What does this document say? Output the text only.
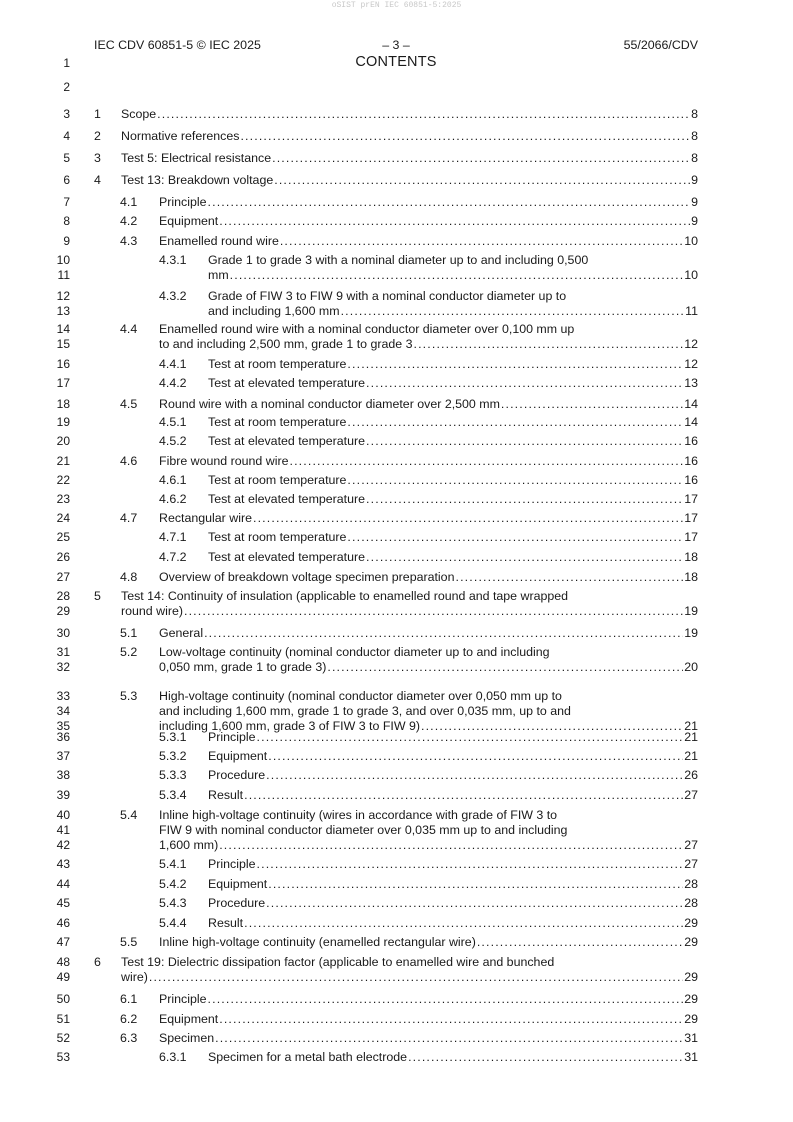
oSIST prEN IEC 60851-5:2025
IEC CDV 60851-5 © IEC 2025	– 3 –	55/2066/CDV
CONTENTS
1
2
3
4
5
6
7
8
9
10
11
12
13
14
15
16
17
18
19
20
21
22
23
24
25
26
27
28
29
30
31
32
33
34
35
36
37
38
39
40
41
42
43
44
45
46
47
48
49
50
51
52
53
1 Scope .....	8
2 Normative references .....	8
3 Test 5: Electrical resistance .....	8
4 Test 13: Breakdown voltage .....	9
4.1 Principle .....	9
4.2 Equipment .....	9
4.3 Enamelled round wire .....	10
4.3.1 Grade 1 to grade 3 with a nominal diameter up to and including 0,500
mm .....	10
4.3.2 Grade of FIW 3 to FIW 9 with a nominal conductor diameter up to
and including 1,600 mm .....	11
4.4 Enamelled round wire with a nominal conductor diameter over 0,100 mm up
to and including 2,500 mm, grade 1 to grade 3 .....	12
4.4.1 Test at room temperature .....	12
4.4.2 Test at elevated temperature .....	13
4.5 Round wire with a nominal conductor diameter over 2,500 mm .....	14
4.5.1 Test at room temperature .....	14
4.5.2 Test at elevated temperature .....	16
4.6 Fibre wound round wire .....	16
4.6.1 Test at room temperature .....	16
4.6.2 Test at elevated temperature .....	17
4.7 Rectangular wire .....	17
4.7.1 Test at room temperature .....	17
4.7.2 Test at elevated temperature .....	18
4.8 Overview of breakdown voltage specimen preparation .....	18
5 Test 14: Continuity of insulation (applicable to enamelled round and tape wrapped
round wire) .....	19
5.1 General .....	19
5.2 Low-voltage continuity (nominal conductor diameter up to and including
0,050 mm, grade 1 to grade 3) .....	20
5.3 High-voltage continuity (nominal conductor diameter over 0,050 mm up to
and including 1,600 mm, grade 1 to grade 3, and over 0,035 mm, up to and
including 1,600 mm, grade 3 of FIW 3 to FIW 9) .....	21
5.3.1 Principle .....	21
5.3.2 Equipment .....	21
5.3.3 Procedure .....	26
5.3.4 Result .....	27
5.4 Inline high-voltage continuity (wires in accordance with grade of FIW 3 to
FIW 9 with nominal conductor diameter over 0,035 mm up to and including
1,600 mm) .....	27
5.4.1 Principle .....	27
5.4.2 Equipment .....	28
5.4.3 Procedure .....	28
5.4.4 Result .....	29
5.5 Inline high-voltage continuity (enamelled rectangular wire) .....	29
6 Test 19: Dielectric dissipation factor (applicable to enamelled wire and bunched
wire) .....	29
6.1 Principle .....	29
6.2 Equipment .....	29
6.3 Specimen .....	31
6.3.1 Specimen for a metal bath electrode .....	31
